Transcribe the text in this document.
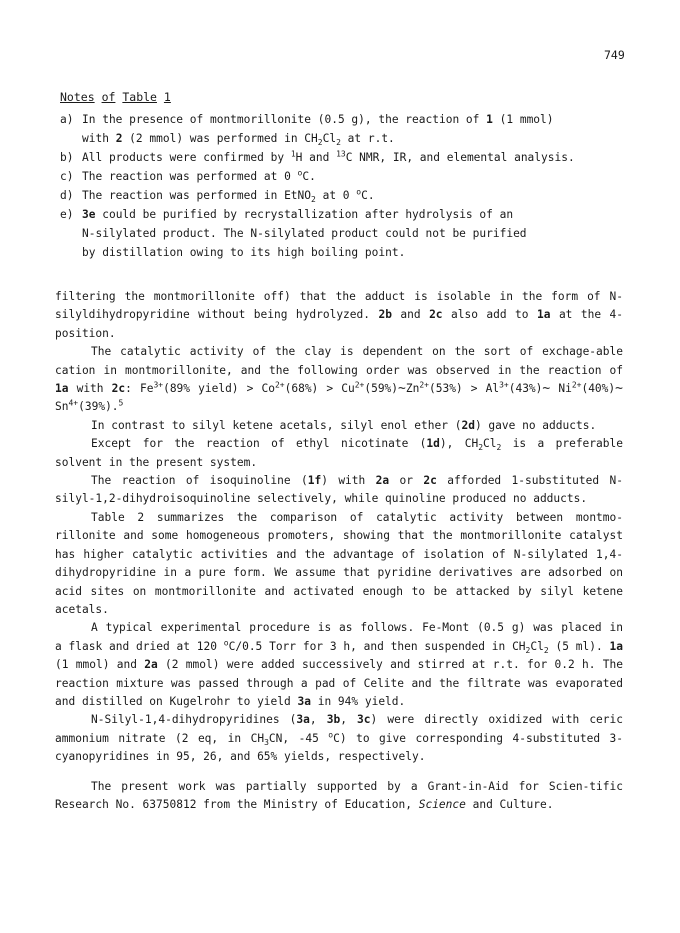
749
Notes of Table 1
a) In the presence of montmorillonite (0.5 g), the reaction of 1 (1 mmol)
with 2 (2 mmol) was performed in $CH_2Cl_2$ at r.t.
b) All products were confirmed by $^1$H and $^{13}$C NMR, IR, and elemental analysis.
c) The reaction was performed at 0 $^o$C.
d) The reaction was performed in EtNO$_2$ at 0 $^o$C.
e) 3e could be purified by recrystallization after hydrolysis of an
N-silylated product. The N-silylated product could not be purified
by distillation owing to its high boiling point.

filtering the montmorillonite off) that the adduct is isolable in the form of N-silyldihydropyridine without being hydrolyzed. 2b and 2c also add to 1a at the 4-position.

The catalytic activity of the clay is dependent on the sort of exchage-able cation in montmorillonite, and the following order was observed in the reaction of 1a with 2c: $Fe^{3+}(89\%$ yield) > $Co^{2+}(68\%)$ > $Cu^{2+}(59\%)\sim Zn^{2+}(53\%)$ > $Al^{3+}(43\%)\sim$ $Ni^{2+}(40\%)\sim$ $Sn^{4+}(39\%).^5$

In contrast to silyl ketene acetals, silyl enol ether (2d) gave no adducts.

Except for the reaction of ethyl nicotinate (1d), $CH_2Cl_2$ is a preferable solvent in the present system.

The reaction of isoquinoline (1f) with 2a or 2c afforded 1-substituted N-silyl-1,2-dihydroisoquinoline selectively, while quinoline produced no adducts.

Table 2 summarizes the comparison of catalytic activity between montmo-rillonite and some homogeneous promoters, showing that the montmorillonite catalyst has higher catalytic activities and the advantage of isolation of N-silylated 1,4-dihydropyridine in a pure form. We assume that pyridine derivatives are adsorbed on acid sites on montmorillonite and activated enough to be attacked by silyl ketene acetals.

A typical experimental procedure is as follows. Fe-Mont (0.5 g) was placed in a flask and dried at 120 $^o$C/0.5 Torr for 3 h, and then suspended in $CH_2Cl_2$ (5 ml). 1a (1 mmol) and 2a (2 mmol) were added successively and stirred at r.t. for 0.2 h. The reaction mixture was passed through a pad of Celite and the filtrate was evaporated and distilled on Kugelrohr to yield 3a in 94% yield.

N-Silyl-1,4-dihydropyridines (3a, 3b, 3c) were directly oxidized with ceric ammonium nitrate (2 eq, in $CH_3CN$, -45 $^o$C) to give corresponding 4-substituted 3-cyanopyridines in 95, 26, and 65% yields, respectively.

The present work was partially supported by a Grant-in-Aid for Scien-tific Research No. 63750812 from the Ministry of Education, Science and Culture.
